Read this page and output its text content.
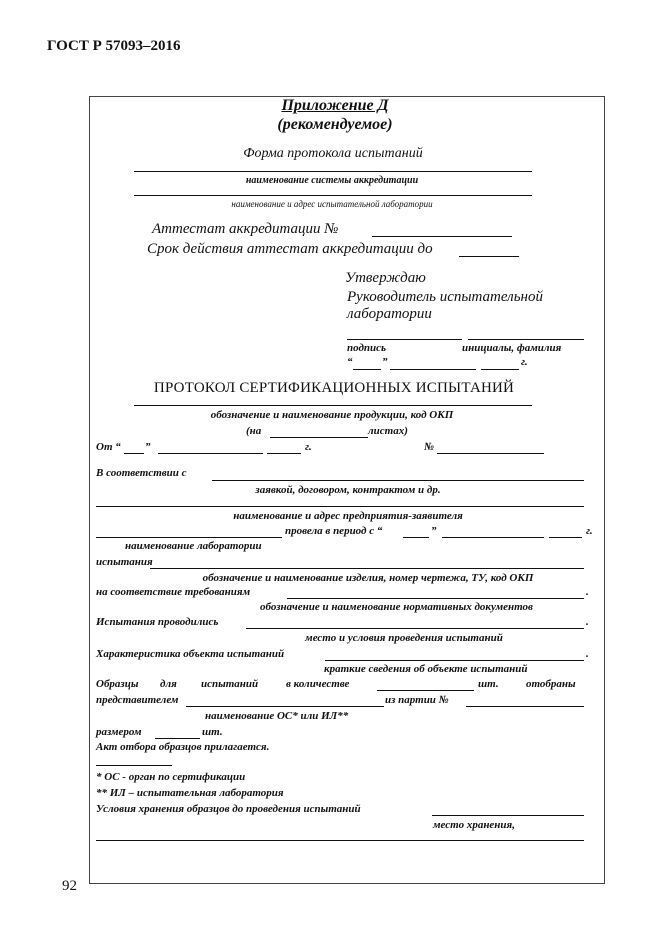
ГОСТ Р 57093–2016
Приложение Д
(рекомендуемое)
Форма протокола испытаний
наименование системы аккредитации
наименование и адрес испытательной лаборатории
Аттестат аккредитации №
Срок действия аттестат аккредитации до
Утверждаю
Руководитель испытательной
лаборатории
подпись	инициалы, фамилия
“	”	г.
ПРОТОКОЛ СЕРТИФИКАЦИОННЫХ ИСПЫТАНИЙ
обозначение и наименование продукции, код ОКП
(на	листах)
От “ ”	г.	№
В соответствии с
заявкой, договором, контрактом и др.
наименование и адрес предприятия-заявителя
провела в период с “	”	г.
наименование лаборатории
испытания
обозначение и наименование изделия, номер чертежа, ТУ, код ОКП
на соответствие требованиям	.
обозначение и наименование нормативных документов
Испытания проводились	.
место и условия проведения испытаний
Характеристика объекта испытаний	.
краткие сведения об объекте испытаний
Образцы для испытаний	в количестве	шт. отобраны
представителем	из партии №
наименование ОС* или ИЛ**
размером	шт.
Акт отбора образцов прилагается.
* ОС - орган по сертификации
** ИЛ – испытательная лаборатория
Условия хранения образцов до проведения испытаний
место хранения,
92
